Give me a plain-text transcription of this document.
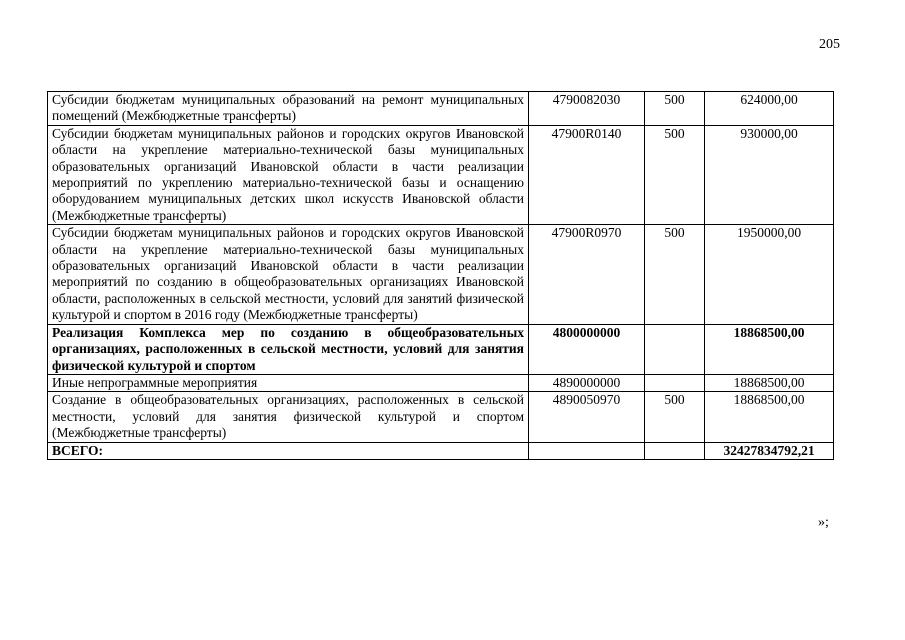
205
Субсидии бюджетам муниципальных образований на ремонт муниципальных помещений (Межбюджетные трансферты)	4790082030	500	624000,00
Субсидии бюджетам муниципальных районов и городских округов Ивановской области на укрепление материально-технической базы муниципальных образовательных организаций Ивановской области в части реализации мероприятий по укреплению материально-технической базы и оснащению оборудованием муниципальных детских школ искусств Ивановской области (Межбюджетные трансферты)	47900R0140	500	930000,00
Субсидии бюджетам муниципальных районов и городских округов Ивановской области на укрепление материально-технической базы муниципальных образовательных организаций Ивановской области в части реализации мероприятий по созданию в общеобразовательных организациях Ивановской области, расположенных в сельской местности, условий для занятий физической культурой и спортом в 2016 году (Межбюджетные трансферты)	47900R0970	500	1950000,00
Реализация Комплекса мер по созданию в общеобразовательных организациях, расположенных в сельской местности, условий для занятия физической культурой и спортом	4800000000		18868500,00
Иные непрограммные мероприятия	4890000000		18868500,00
Создание в общеобразовательных организациях, расположенных в сельской местности, условий для занятия физической культурой и спортом (Межбюджетные трансферты)	4890050970	500	18868500,00
ВСЕГО:			32427834792,21
»;
